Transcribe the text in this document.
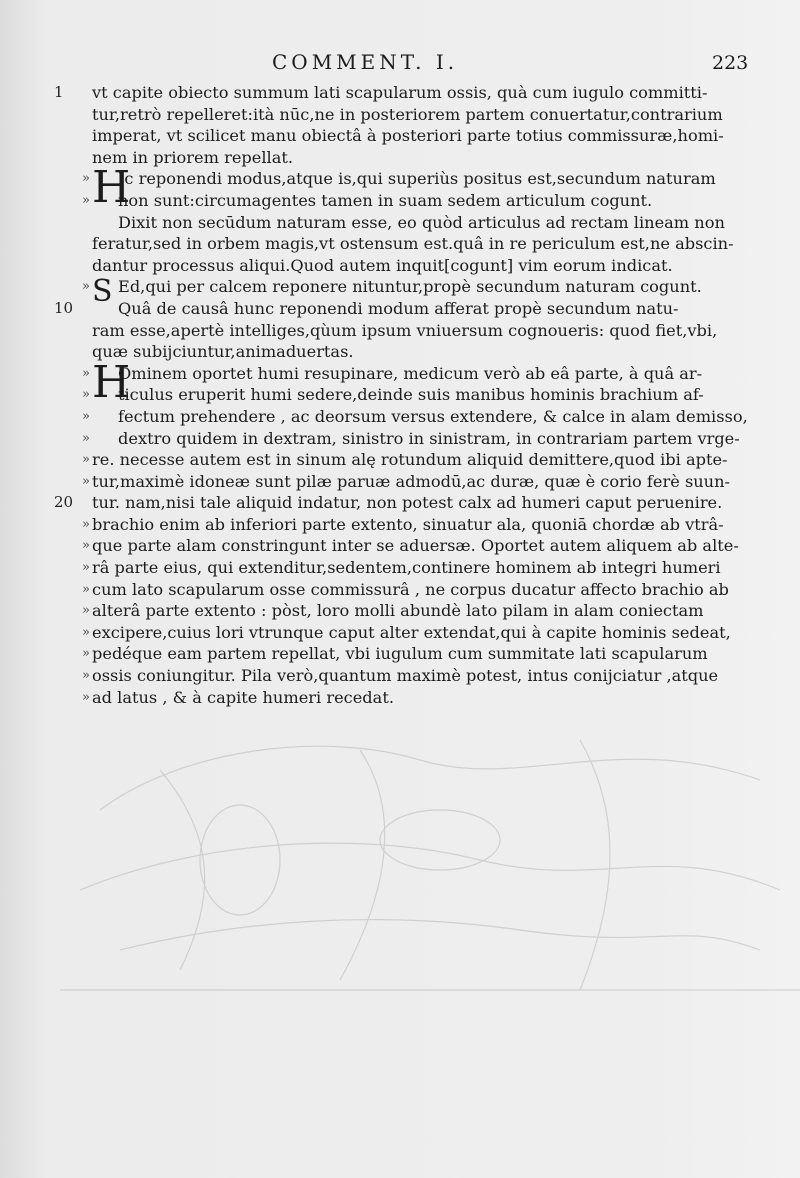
COMMENT. I.	223
1	vt capite obiecto summum lati scapularum ossis, quà cum iugulo committi-
tur,retrò repelleret:ità nūc,ne in posteriorem partem conuertatur,contrarium
imperat, vt scilicet manu obiectâ à posteriori parte totius commissuræ,homi-
nem in priorem repellat.
» H
Ic reponendi modus,atque is,qui superiùs positus est,secundum naturam
» non sunt:circumagentes tamen in suam sedem articulum cogunt.
Dixit non secūdum naturam esse, eo quòd articulus ad rectam lineam non
feratur,sed in orbem magis,vt ostensum est.quâ in re periculum est,ne abscin-
dantur processus aliqui.Quod autem inquit[cogunt] vim eorum indicat.
» S Ed,qui per calcem reponere nituntur,propè secundum naturam cogunt.
10	Quâ de causâ hunc reponendi modum afferat propè secundum natu-
ram esse,apertè intelliges,qùum ipsum vniuersum cognoueris: quod fiet,vbi,
quæ subijciuntur,animaduertas.
» H
Ominem oportet humi resupinare, medicum verò ab eâ parte, à quâ ar-
» ticulus eruperit humi sedere,deinde suis manibus hominis brachium af-
» fectum prehendere , ac deorsum versus extendere, & calce in alam demisso,
» dextro quidem in dextram, sinistro in sinistram, in contrariam partem vrge-
» re. necesse autem est in sinum alę rotundum aliquid demittere,quod ibi apte-
» tur,maximè idoneæ sunt pilæ paruæ admodū,ac duræ, quæ è corio ferè suun-
20	tur. nam,nisi tale aliquid indatur, non potest calx ad humeri caput peruenire.
» brachio enim ab inferiori parte extento, sinuatur ala, quoniā chordæ ab vtrâ-
» que parte alam constringunt inter se aduersæ. Oportet autem aliquem ab alte-
» râ parte eius, qui extenditur,sedentem,continere hominem ab integri humeri
» cum lato scapularum osse commissurâ , ne corpus ducatur affecto brachio ab
» alterâ parte extento : pòst, loro molli abundè lato pilam in alam coniectam
» excipere,cuius lori vtrunque caput alter extendat,qui à capite hominis sedeat,
» pedéque eam partem repellat, vbi iugulum cum summitate lati scapularum
» ossis coniungitur. Pila verò,quantum maximè potest, intus conijciatur ,atque
» ad latus , & à capite humeri recedat.
